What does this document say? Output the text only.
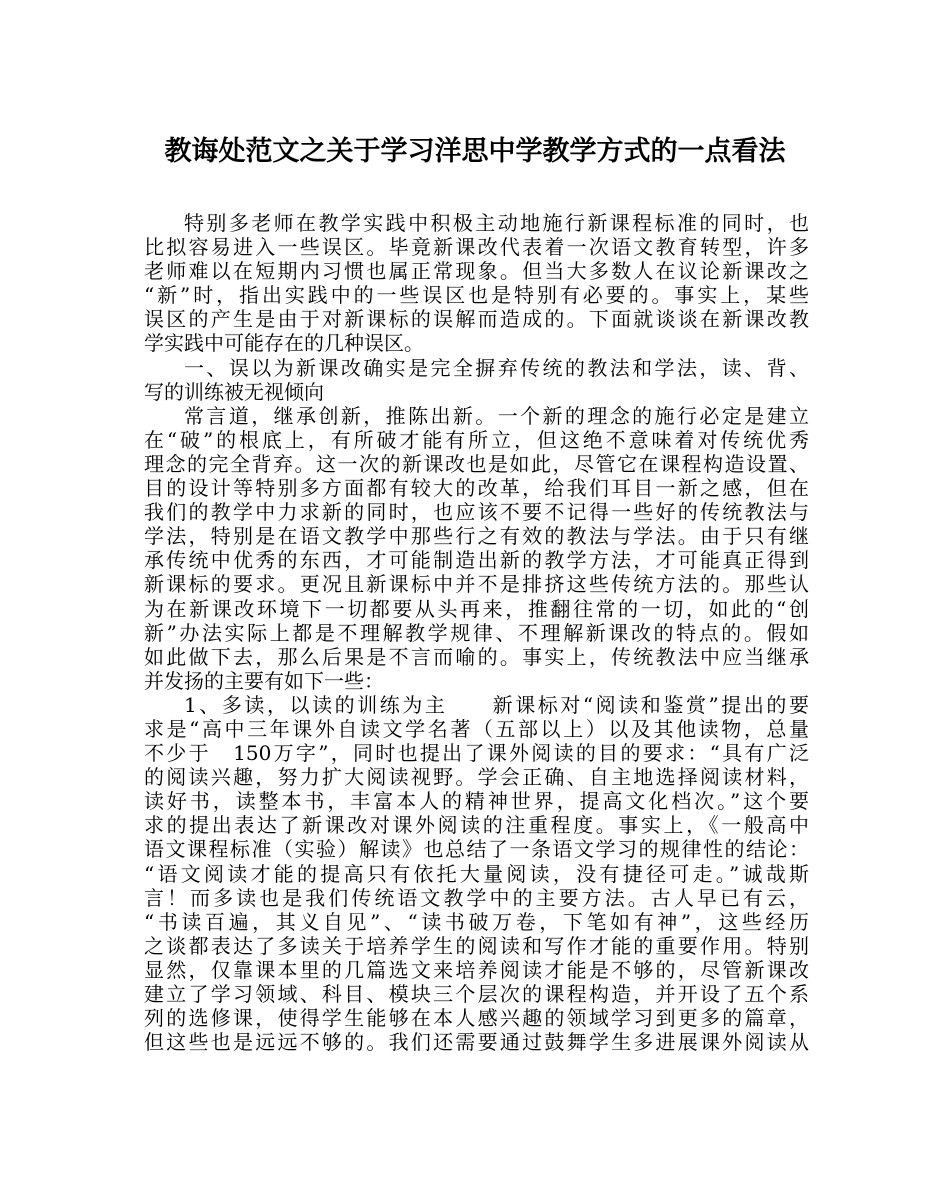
教诲处范文之关于学习洋思中学教学方式的一点看法
特别多老师在教学实践中积极主动地施行新课程标准的同时，也
比拟容易进入一些误区。毕竟新课改代表着一次语文教育转型，许多
老师难以在短期内习惯也属正常现象。但当大多数人在议论新课改之
“新”时，指出实践中的一些误区也是特别有必要的。事实上，某些
误区的产生是由于对新课标的误解而造成的。下面就谈谈在新课改教
学实践中可能存在的几种误区。
一、误以为新课改确实是完全摒弃传统的教法和学法，读、背、
写的训练被无视倾向
常言道，继承创新，推陈出新。一个新的理念的施行必定是建立
在“破”的根底上，有所破才能有所立，但这绝不意味着对传统优秀
理念的完全背弃。这一次的新课改也是如此，尽管它在课程构造设置、
目的设计等特别多方面都有较大的改革，给我们耳目一新之感，但在
我们的教学中力求新的同时，也应该不要不记得一些好的传统教法与
学法，特别是在语文教学中那些行之有效的教法与学法。由于只有继
承传统中优秀的东西，才可能制造出新的教学方法，才可能真正得到
新课标的要求。更况且新课标中并不是排挤这些传统方法的。那些认
为在新课改环境下一切都要从头再来，推翻往常的一切，如此的“创
新”办法实际上都是不理解教学规律、不理解新课改的特点的。假如
如此做下去，那么后果是不言而喻的。事实上，传统教法中应当继承
并发扬的主要有如下一些：
1、多读，以读的训练为主　　新课标对“阅读和鉴赏”提出的要
求是“高中三年课外自读文学名著（五部以上）以及其他读物，总量
不少于　150万字”，同时也提出了课外阅读的目的要求：“具有广泛
的阅读兴趣，努力扩大阅读视野。学会正确、自主地选择阅读材料，
读好书，读整本书，丰富本人的精神世界，提高文化档次。”这个要
求的提出表达了新课改对课外阅读的注重程度。事实上，《一般高中
语文课程标准（实验）解读》也总结了一条语文学习的规律性的结论：
“语文阅读才能的提高只有依托大量阅读，没有捷径可走。”诚哉斯
言！而多读也是我们传统语文教学中的主要方法。古人早已有云，
“书读百遍，其义自见”、“读书破万卷，下笔如有神”，这些经历
之谈都表达了多读关于培养学生的阅读和写作才能的重要作用。特别
显然，仅靠课本里的几篇选文来培养阅读才能是不够的，尽管新课改
建立了学习领域、科目、模块三个层次的课程构造，并开设了五个系
列的选修课，使得学生能够在本人感兴趣的领域学习到更多的篇章，
但这些也是远远不够的。我们还需要通过鼓舞学生多进展课外阅读从
